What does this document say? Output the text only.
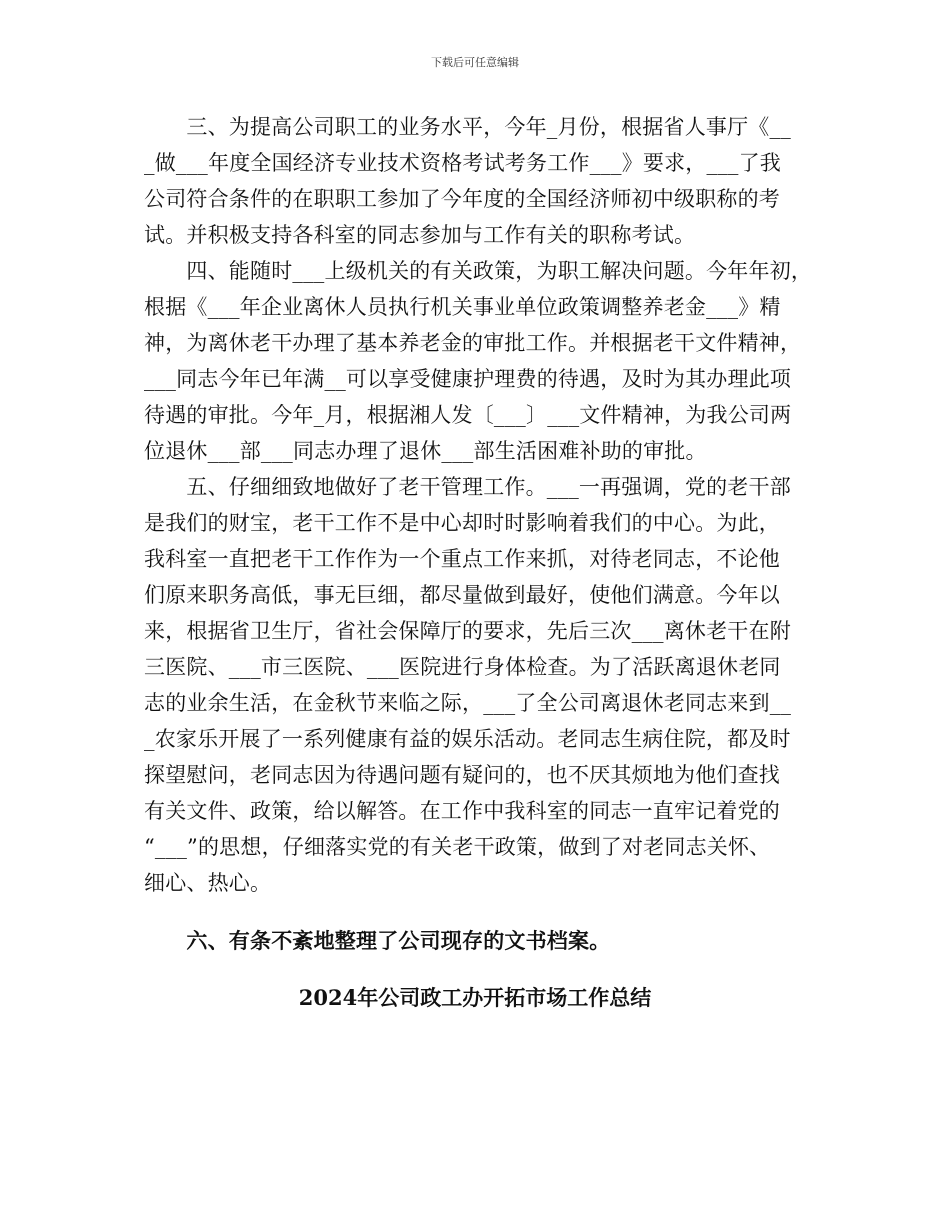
下载后可任意编辑
　　三、为提高公司职工的业务水平，今年_月份，根据省人事厅《__
_做___年度全国经济专业技术资格考试考务工作___》要求，___了我
公司符合条件的在职职工参加了今年度的全国经济师初中级职称的考
试。并积极支持各科室的同志参加与工作有关的职称考试。
　　四、能随时___上级机关的有关政策，为职工解决问题。今年年初，
根据《___年企业离休人员执行机关事业单位政策调整养老金___》精
神，为离休老干办理了基本养老金的审批工作。并根据老干文件精神，
___同志今年已年满__可以享受健康护理费的待遇，及时为其办理此项
待遇的审批。今年_月，根据湘人发〔___〕___文件精神，为我公司两
位退休___部___同志办理了退休___部生活困难补助的审批。
　　五、仔细细致地做好了老干管理工作。___一再强调，党的老干部
是我们的财宝，老干工作不是中心却时时影响着我们的中心。为此，
我科室一直把老干工作作为一个重点工作来抓，对待老同志，不论他
们原来职务高低，事无巨细，都尽量做到最好，使他们满意。今年以
来，根据省卫生厅，省社会保障厅的要求，先后三次___离休老干在附
三医院、___市三医院、___医院进行身体检查。为了活跃离退休老同
志的业余生活，在金秋节来临之际，___了全公司离退休老同志来到__
_农家乐开展了一系列健康有益的娱乐活动。老同志生病住院，都及时
探望慰问，老同志因为待遇问题有疑问的，也不厌其烦地为他们查找
有关文件、政策，给以解答。在工作中我科室的同志一直牢记着党的
“___”的思想，仔细落实党的有关老干政策，做到了对老同志关怀、
细心、热心。
　　六、有条不紊地整理了公司现存的文书档案。
2024年公司政工办开拓市场工作总结
